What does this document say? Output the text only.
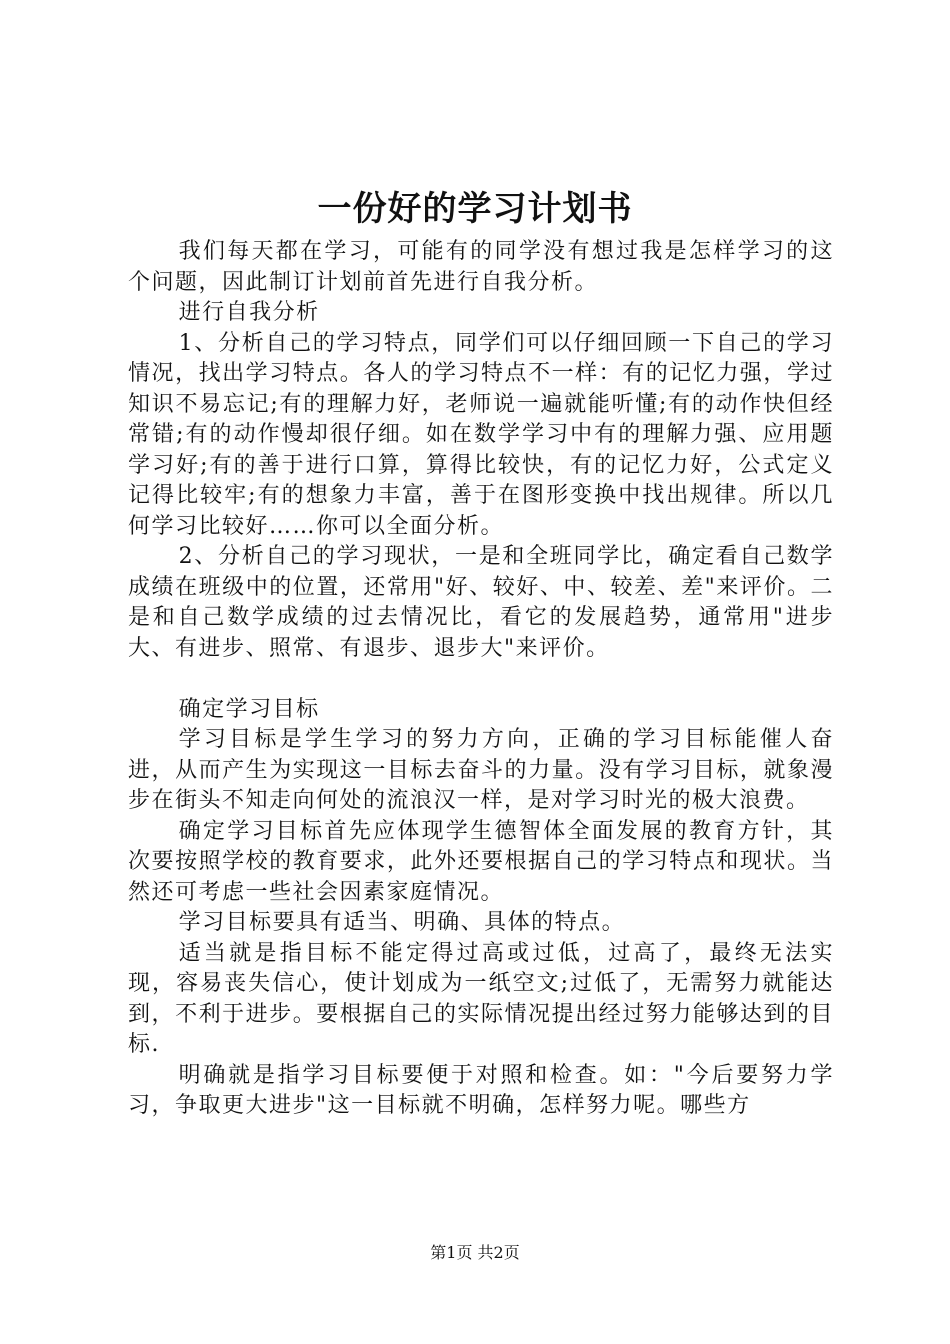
一份好的学习计划书

我们每天都在学习，可能有的同学没有想过我是怎样学习的这个问题，因此制订计划前首先进行自我分析。

进行自我分析

1、分析自己的学习特点，同学们可以仔细回顾一下自己的学习情况，找出学习特点。各人的学习特点不一样：有的记忆力强，学过知识不易忘记;有的理解力好，老师说一遍就能听懂;有的动作快但经常错;有的动作慢却很仔细。如在数学学习中有的理解力强、应用题学习好;有的善于进行口算，算得比较快，有的记忆力好，公式定义记得比较牢;有的想象力丰富，善于在图形变换中找出规律。所以几何学习比较好……你可以全面分析。

2、分析自己的学习现状，一是和全班同学比，确定看自己数学成绩在班级中的位置，还常用"好、较好、中、较差、差"来评价。二是和自己数学成绩的过去情况比，看它的发展趋势，通常用"进步大、有进步、照常、有退步、退步大"来评价。

确定学习目标

学习目标是学生学习的努力方向，正确的学习目标能催人奋进，从而产生为实现这一目标去奋斗的力量。没有学习目标，就象漫步在街头不知走向何处的流浪汉一样，是对学习时光的极大浪费。

确定学习目标首先应体现学生德智体全面发展的教育方针，其次要按照学校的教育要求，此外还要根据自己的学习特点和现状。当然还可考虑一些社会因素家庭情况。

学习目标要具有适当、明确、具体的特点。

适当就是指目标不能定得过高或过低，过高了，最终无法实现，容易丧失信心，使计划成为一纸空文;过低了，无需努力就能达到，不利于进步。要根据自己的实际情况提出经过努力能够达到的目标.

明确就是指学习目标要便于对照和检查。如："今后要努力学习，争取更大进步"这一目标就不明确，怎样努力呢。哪些方

第1页 共2页
